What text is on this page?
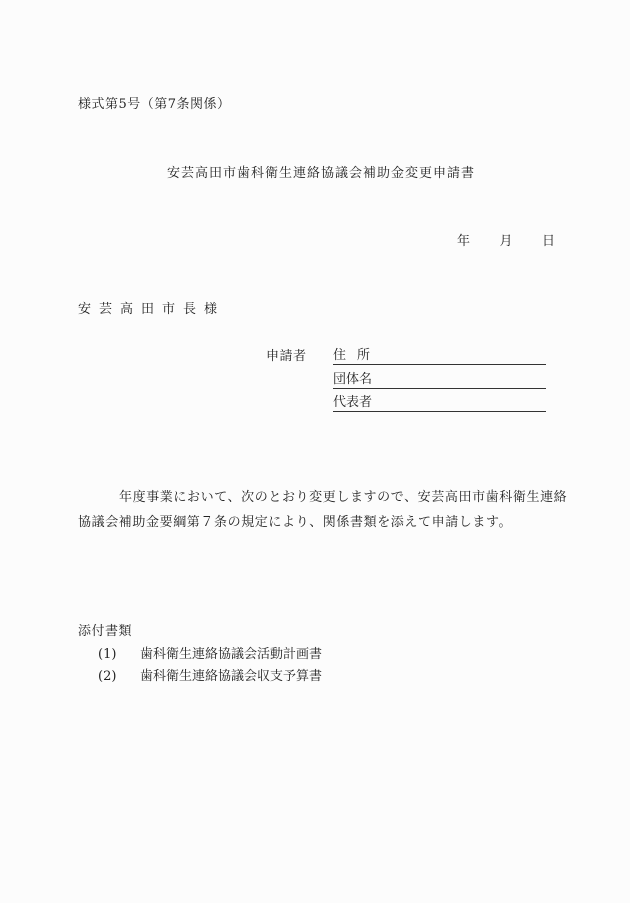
様式第5号（第7条関係）
安芸高田市歯科衛生連絡協議会補助金変更申請書
年 月 日
安芸高田市長様
申請者 住所
団体名
代表者
年度事業において、次のとおり変更しますので、安芸高田市歯科衛生連絡協議会補助金要綱第７条の規定により、関係書類を添えて申請します。
添付書類
(1) 歯科衛生連絡協議会活動計画書
(2) 歯科衛生連絡協議会収支予算書
